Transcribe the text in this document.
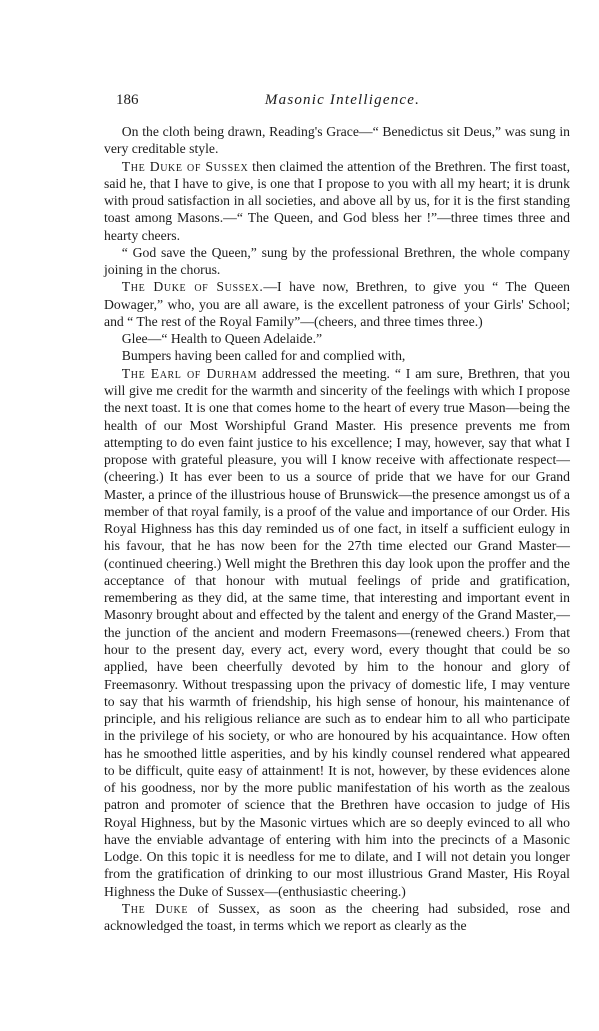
186	Masonic Intelligence.

On the cloth being drawn, Reading's Grace—“ Benedictus sit Deus,” was sung in very creditable style.

The Duke of Sussex then claimed the attention of the Brethren. The first toast, said he, that I have to give, is one that I propose to you with all my heart; it is drunk with proud satisfaction in all societies, and above all by us, for it is the first standing toast among Masons.—“ The Queen, and God bless her !”—three times three and hearty cheers.

“ God save the Queen,” sung by the professional Brethren, the whole company joining in the chorus.

The Duke of Sussex.—I have now, Brethren, to give you “ The Queen Dowager,” who, you are all aware, is the excellent patroness of your Girls' School; and “ The rest of the Royal Family”—(cheers, and three times three.)

Glee—“ Health to Queen Adelaide.”

Bumpers having been called for and complied with,

The Earl of Durham addressed the meeting. “ I am sure, Brethren, that you will give me credit for the warmth and sincerity of the feelings with which I propose the next toast. It is one that comes home to the heart of every true Mason—being the health of our Most Worshipful Grand Master. His presence prevents me from attempting to do even faint justice to his excellence; I may, however, say that what I propose with grateful pleasure, you will I know receive with affectionate respect—(cheering.) It has ever been to us a source of pride that we have for our Grand Master, a prince of the illustrious house of Brunswick—the presence amongst us of a member of that royal family, is a proof of the value and importance of our Order. His Royal Highness has this day reminded us of one fact, in itself a sufficient eulogy in his favour, that he has now been for the 27th time elected our Grand Master—(continued cheering.) Well might the Brethren this day look upon the proffer and the acceptance of that honour with mutual feelings of pride and gratification, remembering as they did, at the same time, that interesting and important event in Masonry brought about and effected by the talent and energy of the Grand Master,—the junction of the ancient and modern Freemasons—(renewed cheers.) From that hour to the present day, every act, every word, every thought that could be so applied, have been cheerfully devoted by him to the honour and glory of Freemasonry. Without trespassing upon the privacy of domestic life, I may venture to say that his warmth of friendship, his high sense of honour, his maintenance of principle, and his religious reliance are such as to endear him to all who participate in the privilege of his society, or who are honoured by his acquaintance. How often has he smoothed little asperities, and by his kindly counsel rendered what appeared to be difficult, quite easy of attainment! It is not, however, by these evidences alone of his goodness, nor by the more public manifestation of his worth as the zealous patron and promoter of science that the Brethren have occasion to judge of His Royal Highness, but by the Masonic virtues which are so deeply evinced to all who have the enviable advantage of entering with him into the precincts of a Masonic Lodge. On this topic it is needless for me to dilate, and I will not detain you longer from the gratification of drinking to our most illustrious Grand Master, His Royal Highness the Duke of Sussex—(enthusiastic cheering.)

The Duke of Sussex, as soon as the cheering had subsided, rose and acknowledged the toast, in terms which we report as clearly as the
